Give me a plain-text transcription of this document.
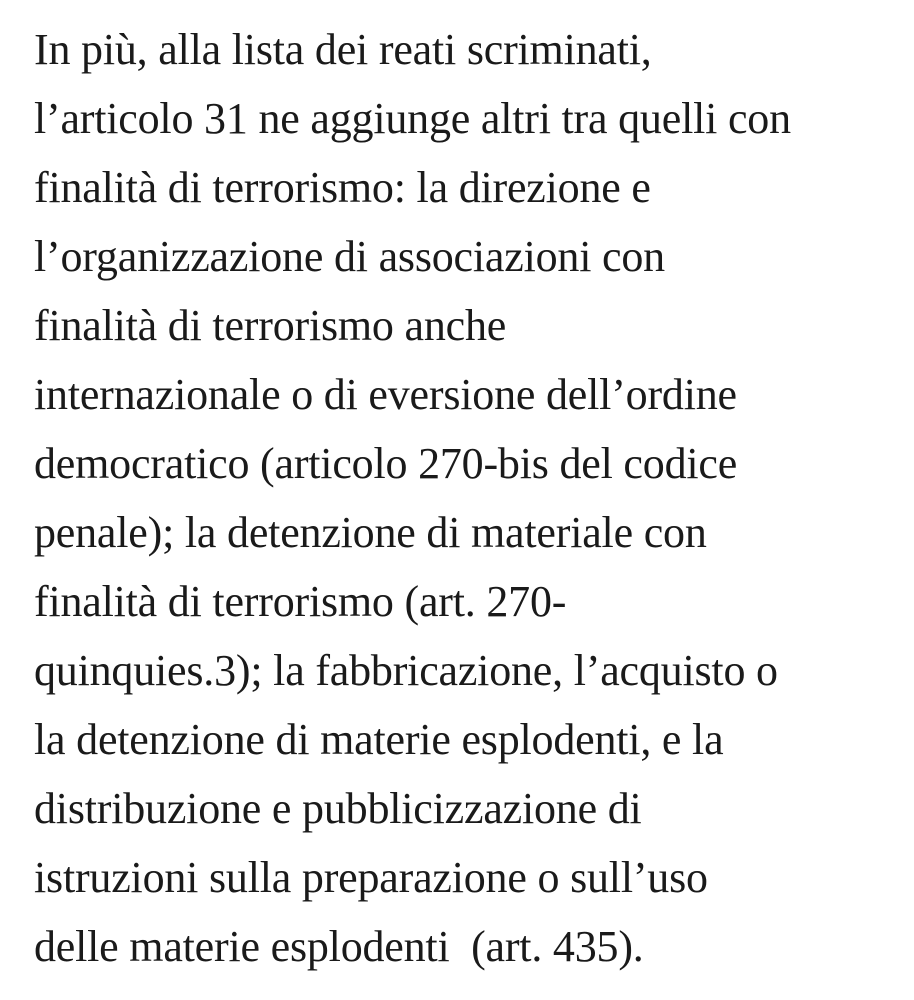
In più, alla lista dei reati scriminati,
l’articolo 31 ne aggiunge altri tra quelli con
finalità di terrorismo: la direzione e
l’organizzazione di associazioni con
finalità di terrorismo anche
internazionale o di eversione dell’ordine
democratico (articolo 270-bis del codice
penale); la detenzione di materiale con
finalità di terrorismo (art. 270-
quinquies.3); la fabbricazione, l’acquisto o
la detenzione di materie esplodenti, e la
distribuzione e pubblicizzazione di
istruzioni sulla preparazione o sull’uso
delle materie esplodenti  (art. 435).
